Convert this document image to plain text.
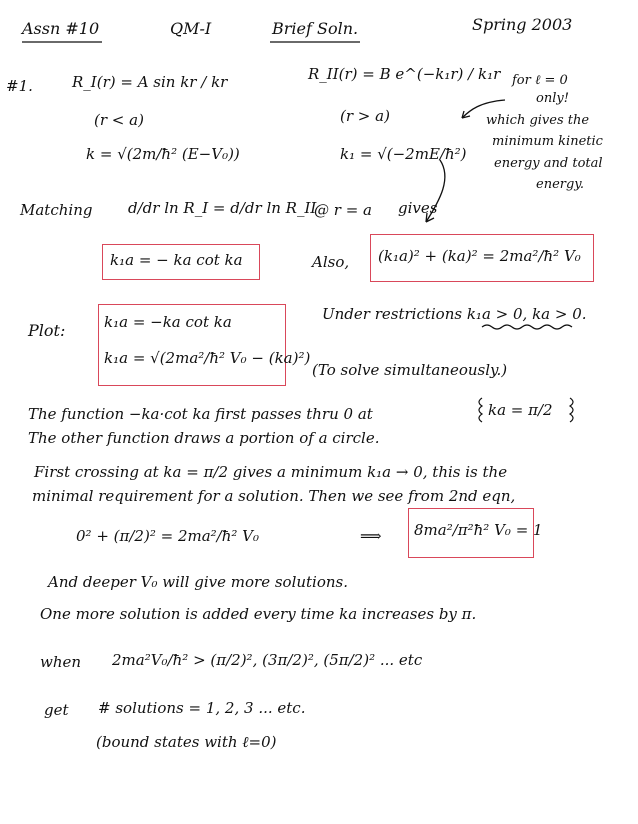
Assn #10	QM-I	Brief Soln.	Spring 2003
#1.	R_I(r) = A sin kr / kr
(r < a)
k = √(2m/ħ² (E−V₀))
R_II(r) = B e^(−k₁r) / k₁r
(r > a)
k₁ = √(−2mE/ħ²)
for ℓ = 0
only!
which gives the
minimum kinetic
energy and total
energy.
Matching d/dr ln R_I = d/dr ln R_II
@ r = a gives
k₁a = − ka cot ka	Also, (k₁a)² + (ka)² = 2ma²/ħ² V₀
Plot:	k₁a = −ka cot ka
k₁a = √(2ma²/ħ² V₀ − (ka)²)
Under restrictions k₁a > 0, ka > 0.
(To solve simultaneously.)
The function −ka·cot ka first passes thru 0 at	ka = π/2
The other function draws a portion of a circle.
First crossing at ka = π/2 gives a minimum k₁a → 0, this is the
minimal requirement for a solution. Then we see from 2nd eqn,
0² + (π/2)² = 2ma²/ħ² V₀	⟹ 8ma²/π²ħ² V₀ = 1
And deeper V₀ will give more solutions.
One more solution is added every time ka increases by π.
when 2ma²V₀/ħ² > (π/2)², (3π/2)², (5π/2)² ... etc
get # solutions = 1, 2, 3 ... etc.
(bound states with ℓ=0)
